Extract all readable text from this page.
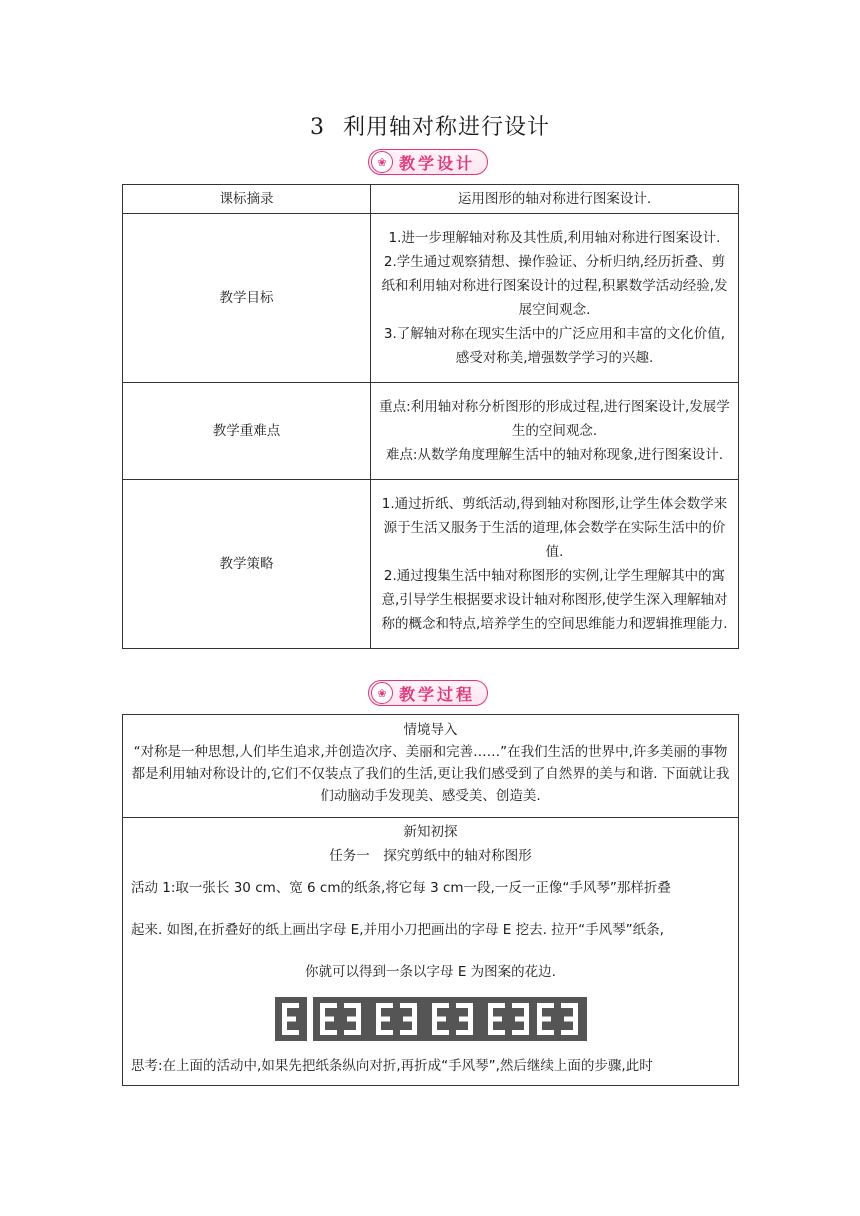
3 利用轴对称进行设计
❀ 教学设计
课标摘录	运用图形的轴对称进行图案设计.

教学目标	1.进一步理解轴对称及其性质,利用轴对称进行图案设计.
2.学生通过观察猜想、操作验证、分析归纳,经历折叠、剪纸和利用轴对称进行图案设计的过程,积累数学活动经验,发展空间观念.
3.了解轴对称在现实生活中的广泛应用和丰富的文化价值,感受对称美,增强数学学习的兴趣.

教学重难点	重点:利用轴对称分析图形的形成过程,进行图案设计,发展学生的空间观念.
难点:从数学角度理解生活中的轴对称现象,进行图案设计.

教学策略	1.通过折纸、剪纸活动,得到轴对称图形,让学生体会数学来源于生活又服务于生活的道理,体会数学在实际生活中的价值.
2.通过搜集生活中轴对称图形的实例,让学生理解其中的寓意,引导学生根据要求设计轴对称图形,使学生深入理解轴对称的概念和特点,培养学生的空间思维能力和逻辑推理能力.
❀ 教学过程
情境导入
“对称是一种思想,人们毕生追求,并创造次序、美丽和完善……”在我们生活的世界中,许多美丽的事物都是利用轴对称设计的,它们不仅装点了我们的生活,更让我们感受到了自然界的美与和谐. 下面就让我们动脑动手发现美、感受美、创造美.
新知初探
任务一　探究剪纸中的轴对称图形
活动 1:取一张长 30 cm、宽 6 cm的纸条,将它每 3 cm一段,一反一正像“手风琴”那样折叠
起来. 如图,在折叠好的纸上画出字母 E,并用小刀把画出的字母 E 挖去. 拉开“手风琴”纸条,
你就可以得到一条以字母 E 为图案的花边.
思考:在上面的活动中,如果先把纸条纵向对折,再折成“手风琴”,然后继续上面的步骤,此时
